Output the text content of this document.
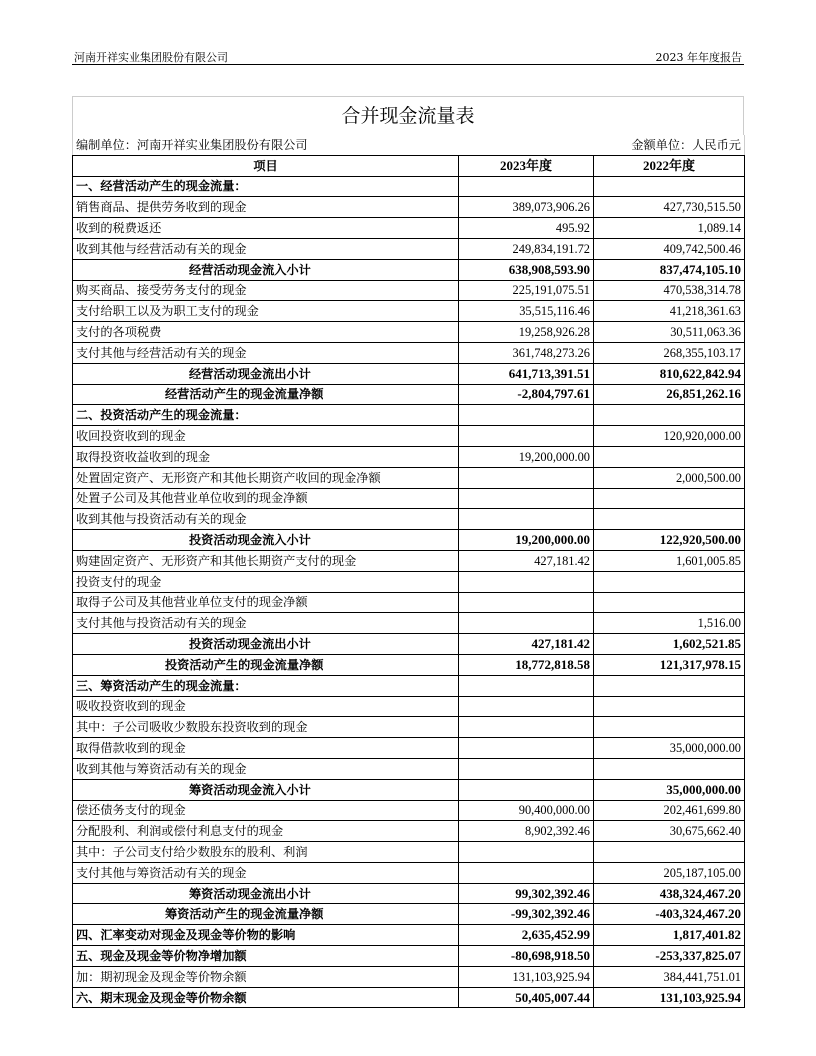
河南开祥实业集团股份有限公司	2023 年年度报告
合并现金流量表
编制单位：河南开祥实业集团股份有限公司		金额单位：人民币元
项目	2023年度	2022年度
一、经营活动产生的现金流量：		
销售商品、提供劳务收到的现金	389,073,906.26	427,730,515.50
收到的税费返还	495.92	1,089.14
收到其他与经营活动有关的现金	249,834,191.72	409,742,500.46
经营活动现金流入小计	638,908,593.90	837,474,105.10
购买商品、接受劳务支付的现金	225,191,075.51	470,538,314.78
支付给职工以及为职工支付的现金	35,515,116.46	41,218,361.63
支付的各项税费	19,258,926.28	30,511,063.36
支付其他与经营活动有关的现金	361,748,273.26	268,355,103.17
经营活动现金流出小计	641,713,391.51	810,622,842.94
经营活动产生的现金流量净额	-2,804,797.61	26,851,262.16
二、投资活动产生的现金流量：		
收回投资收到的现金		120,920,000.00
取得投资收益收到的现金	19,200,000.00	
处置固定资产、无形资产和其他长期资产收回的现金净额		2,000,500.00
处置子公司及其他营业单位收到的现金净额		
收到其他与投资活动有关的现金		
投资活动现金流入小计	19,200,000.00	122,920,500.00
购建固定资产、无形资产和其他长期资产支付的现金	427,181.42	1,601,005.85
投资支付的现金		
取得子公司及其他营业单位支付的现金净额		
支付其他与投资活动有关的现金		1,516.00
投资活动现金流出小计	427,181.42	1,602,521.85
投资活动产生的现金流量净额	18,772,818.58	121,317,978.15
三、筹资活动产生的现金流量：		
吸收投资收到的现金		
其中：子公司吸收少数股东投资收到的现金		
取得借款收到的现金		35,000,000.00
收到其他与筹资活动有关的现金		
筹资活动现金流入小计		35,000,000.00
偿还债务支付的现金	90,400,000.00	202,461,699.80
分配股利、利润或偿付利息支付的现金	8,902,392.46	30,675,662.40
其中：子公司支付给少数股东的股利、利润		
支付其他与筹资活动有关的现金		205,187,105.00
筹资活动现金流出小计	99,302,392.46	438,324,467.20
筹资活动产生的现金流量净额	-99,302,392.46	-403,324,467.20
四、汇率变动对现金及现金等价物的影响	2,635,452.99	1,817,401.82
五、现金及现金等价物净增加额	-80,698,918.50	-253,337,825.07
加：期初现金及现金等价物余额	131,103,925.94	384,441,751.01
六、期末现金及现金等价物余额	50,405,007.44	131,103,925.94
